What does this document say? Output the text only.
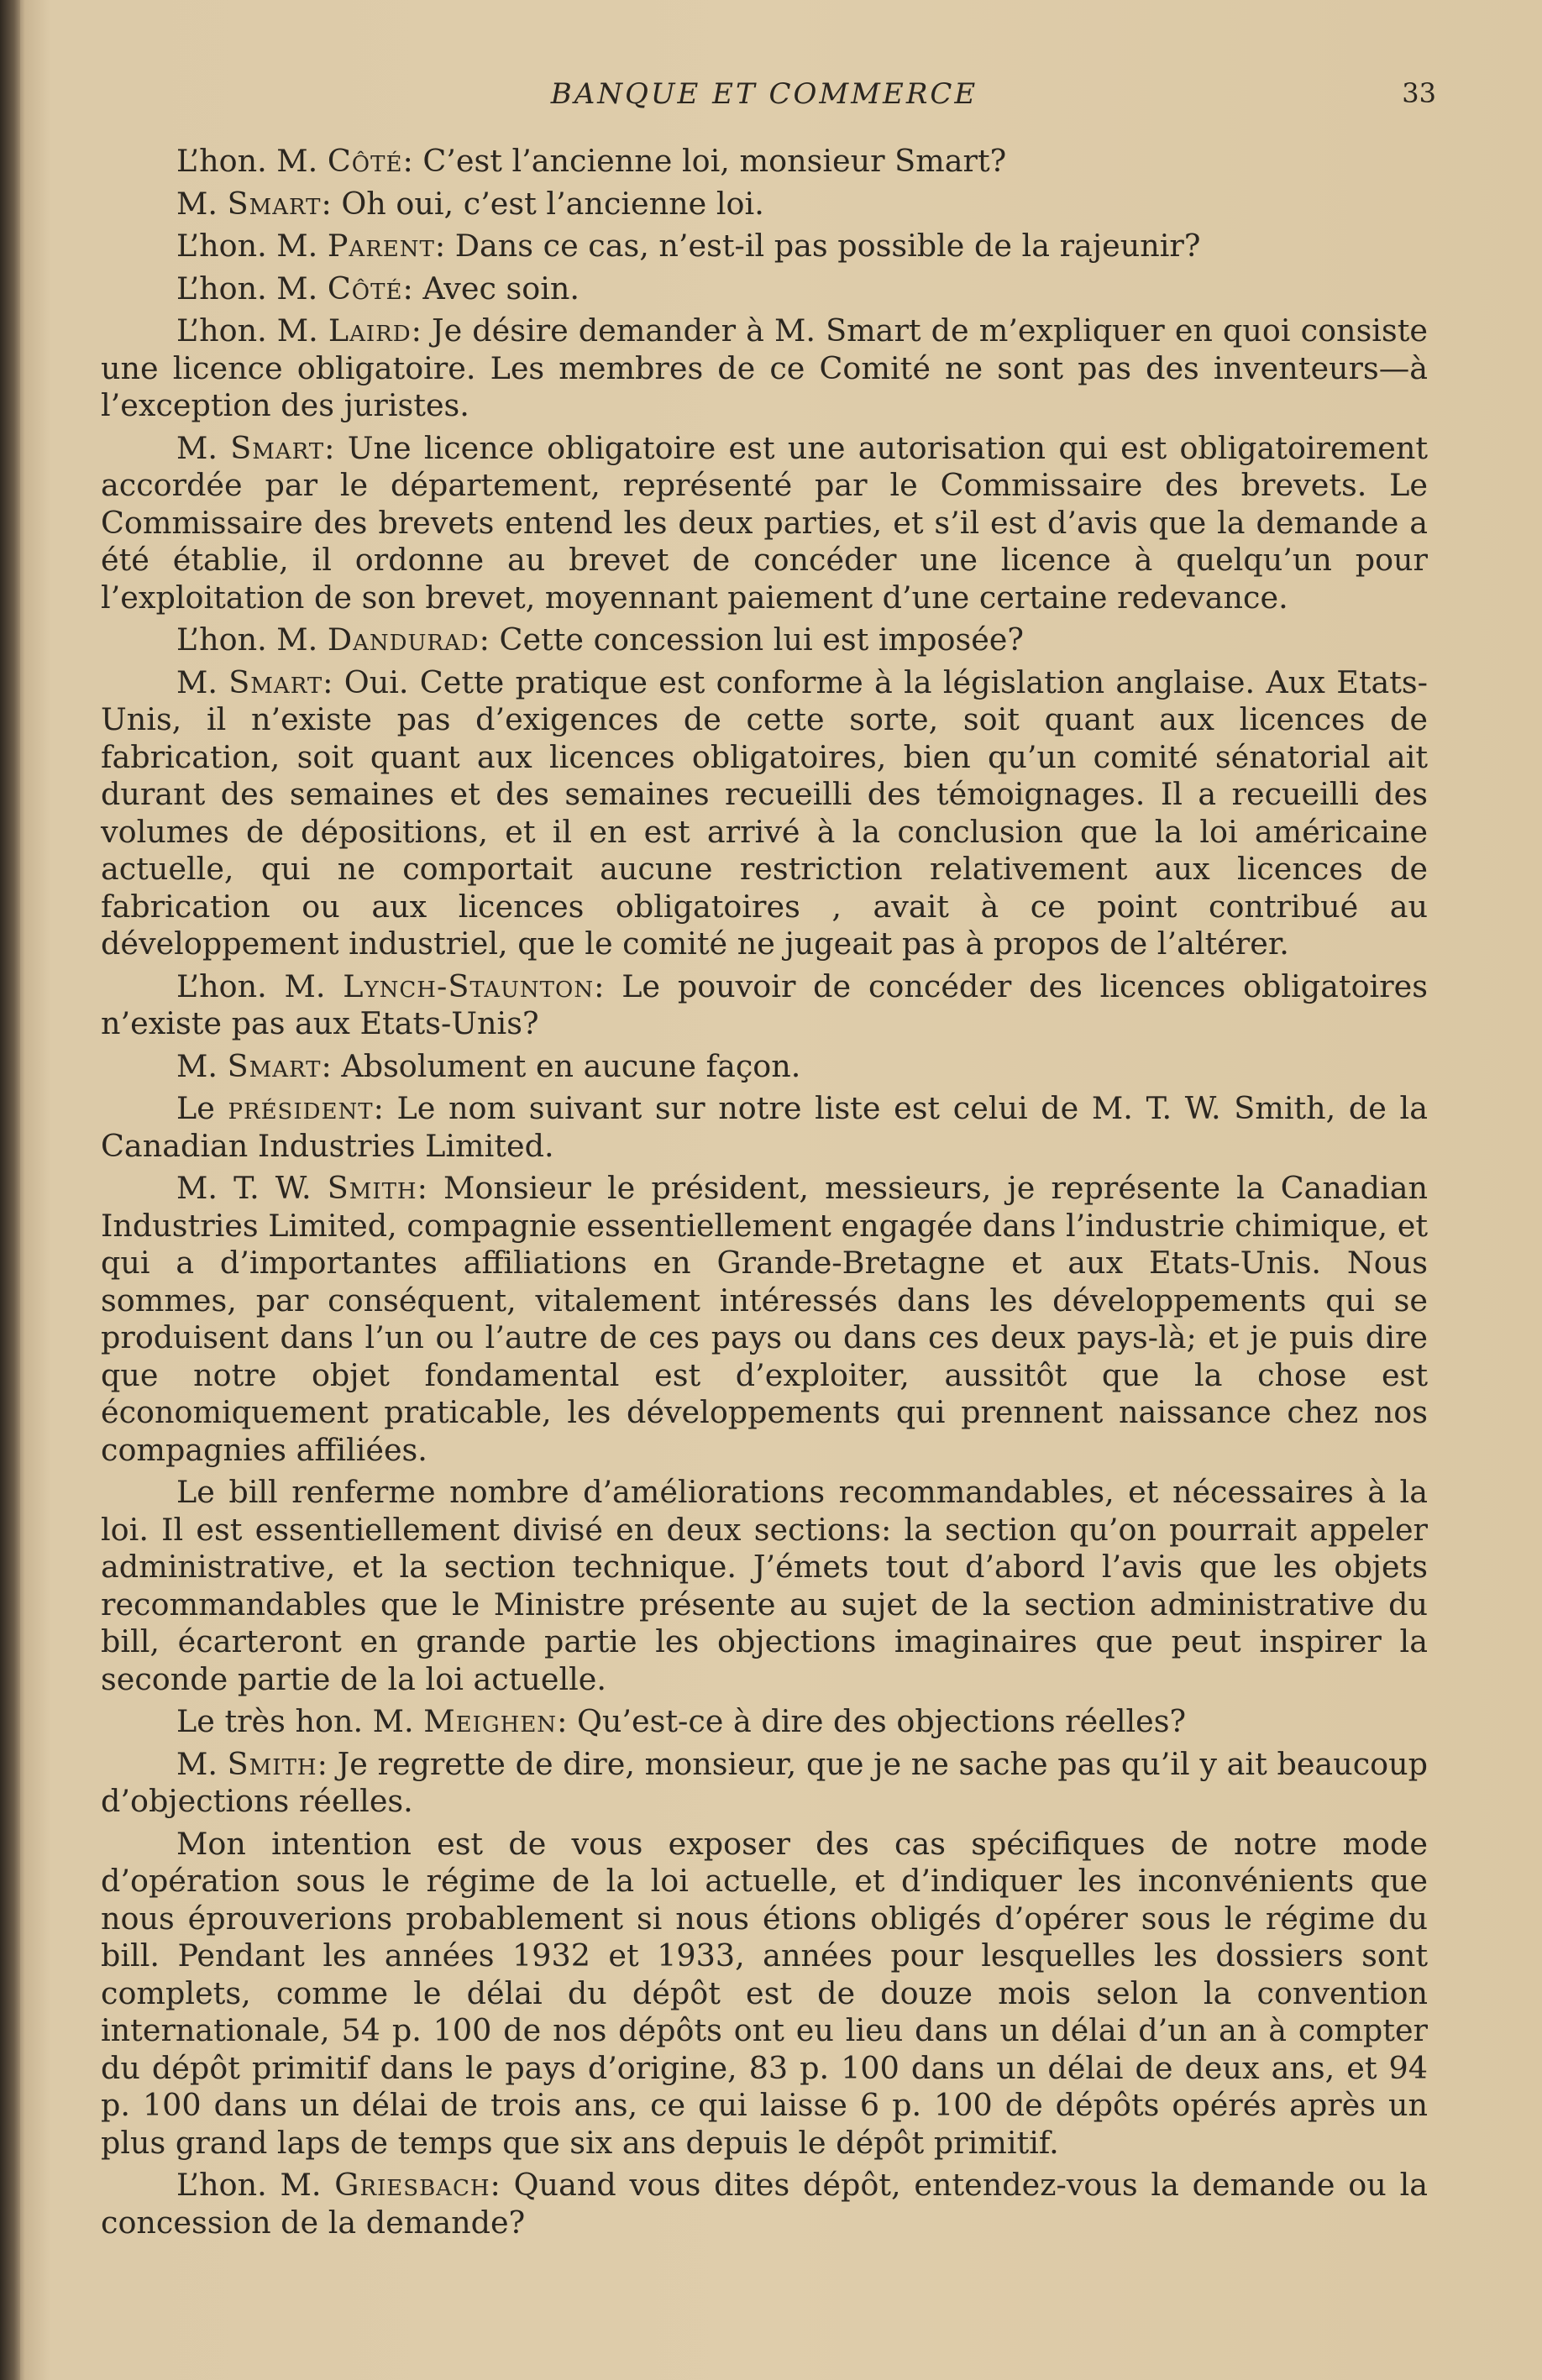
BANQUE ET COMMERCE	33

L’hon. M. Côté: C’est l’ancienne loi, monsieur Smart?

M. Smart: Oh oui, c’est l’ancienne loi.

L’hon. M. Parent: Dans ce cas, n’est-il pas possible de la rajeunir?

L’hon. M. Côté: Avec soin.

L’hon. M. Laird: Je désire demander à M. Smart de m’expliquer en quoi consiste une licence obligatoire. Les membres de ce Comité ne sont pas des inventeurs—à l’exception des juristes.

M. Smart: Une licence obligatoire est une autorisation qui est obligatoirement accordée par le département, représenté par le Commissaire des brevets. Le Commissaire des brevets entend les deux parties, et s’il est d’avis que la demande a été établie, il ordonne au brevet de concéder une licence à quelqu’un pour l’exploitation de son brevet, moyennant paiement d’une certaine redevance.

L’hon. M. Dandurad: Cette concession lui est imposée?

M. Smart: Oui. Cette pratique est conforme à la législation anglaise. Aux Etats-Unis, il n’existe pas d’exigences de cette sorte, soit quant aux licences de fabrication, soit quant aux licences obligatoires, bien qu’un comité sénatorial ait durant des semaines et des semaines recueilli des témoignages. Il a recueilli des volumes de dépositions, et il en est arrivé à la conclusion que la loi américaine actuelle, qui ne comportait aucune restriction relativement aux licences de fabrication ou aux licences obligatoires , avait à ce point contribué au développement industriel, que le comité ne jugeait pas à propos de l’altérer.

L’hon. M. Lynch-Staunton: Le pouvoir de concéder des licences obligatoires n’existe pas aux Etats-Unis?

M. Smart: Absolument en aucune façon.

Le président: Le nom suivant sur notre liste est celui de M. T. W. Smith, de la Canadian Industries Limited.

M. T. W. Smith: Monsieur le président, messieurs, je représente la Canadian Industries Limited, compagnie essentiellement engagée dans l’industrie chimique, et qui a d’importantes affiliations en Grande-Bretagne et aux Etats-Unis. Nous sommes, par conséquent, vitalement intéressés dans les développements qui se produisent dans l’un ou l’autre de ces pays ou dans ces deux pays-là; et je puis dire que notre objet fondamental est d’exploiter, aussitôt que la chose est économiquement praticable, les développements qui prennent naissance chez nos compagnies affiliées.

Le bill renferme nombre d’améliorations recommandables, et nécessaires à la loi. Il est essentiellement divisé en deux sections: la section qu’on pourrait appeler administrative, et la section technique. J’émets tout d’abord l’avis que les objets recommandables que le Ministre présente au sujet de la section administrative du bill, écarteront en grande partie les objections imaginaires que peut inspirer la seconde partie de la loi actuelle.

Le très hon. M. Meighen: Qu’est-ce à dire des objections réelles?

M. Smith: Je regrette de dire, monsieur, que je ne sache pas qu’il y ait beaucoup d’objections réelles.

Mon intention est de vous exposer des cas spécifiques de notre mode d’opération sous le régime de la loi actuelle, et d’indiquer les inconvénients que nous éprouverions probablement si nous étions obligés d’opérer sous le régime du bill. Pendant les années 1932 et 1933, années pour lesquelles les dossiers sont complets, comme le délai du dépôt est de douze mois selon la convention internationale, 54 p. 100 de nos dépôts ont eu lieu dans un délai d’un an à compter du dépôt primitif dans le pays d’origine, 83 p. 100 dans un délai de deux ans, et 94 p. 100 dans un délai de trois ans, ce qui laisse 6 p. 100 de dépôts opérés après un plus grand laps de temps que six ans depuis le dépôt primitif.

L’hon. M. Griesbach: Quand vous dites dépôt, entendez-vous la demande ou la concession de la demande?
